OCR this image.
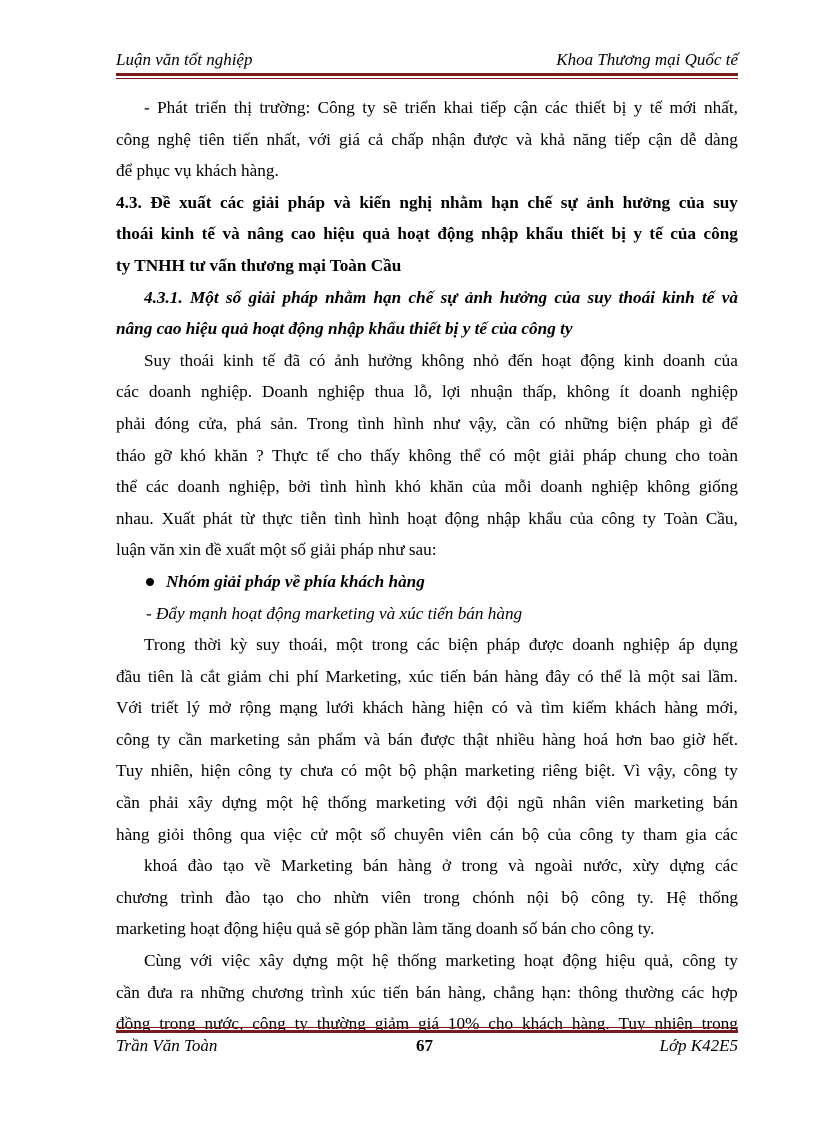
Luận văn tốt nghiệp	Khoa Thương mại Quốc tế
- Phát triển thị trường: Công ty sẽ triển khai tiếp cận các thiết bị y tế mới nhất,
công nghệ tiên tiến nhất, với giá cả chấp nhận được và khả năng tiếp cận dễ dàng
để phục vụ khách hàng.
4.3. Đề xuất các giải pháp và kiến nghị nhằm hạn chế sự ảnh hưởng của suy
thoái kinh tế và nâng cao hiệu quả hoạt động nhập khẩu thiết bị y tế của công
ty TNHH tư vấn thương mại Toàn Cầu
4.3.1. Một số giải pháp nhằm hạn chế sự ảnh hưởng của suy thoái kinh tế và
nâng cao hiệu quả hoạt động nhập khẩu thiết bị y tế của công ty
Suy thoái kinh tế đã có ảnh hưởng không nhỏ đến hoạt động kinh doanh của
các doanh nghiệp. Doanh nghiệp thua lỗ, lợi nhuận thấp, không ít doanh nghiệp
phải đóng cửa, phá sản. Trong tình hình như vậy, cần có những biện pháp gì để
tháo gỡ khó khăn ? Thực tế cho thấy không thể có một giải pháp chung cho toàn
thể các doanh nghiệp, bởi tình hình khó khăn của mỗi doanh nghiệp không giống
nhau. Xuất phát từ thực tiễn tình hình hoạt động nhập khẩu của công ty Toàn Cầu,
luận văn xin đề xuất một số giải pháp như sau:
Nhóm giải pháp về phía khách hàng
- Đẩy mạnh hoạt động marketing và xúc tiến bán hàng
Trong thời kỳ suy thoái, một trong các biện pháp được doanh nghiệp áp dụng
đầu tiên là cắt giảm chi phí Marketing, xúc tiến bán hàng đây có thể là một sai lầm.
Với triết lý mở rộng mạng lưới khách hàng hiện có và tìm kiếm khách hàng mới,
công ty cần marketing sản phẩm và bán được thật nhiều hàng hoá hơn bao giờ hết.
Tuy nhiên, hiện công ty chưa có một bộ phận marketing riêng biệt. Vì vậy, công ty
cần phải xây dựng một hệ thống marketing với đội ngũ nhân viên marketing bán
hàng giỏi thông qua việc cử một số chuyên viên cán bộ của công ty tham gia các
khoá đào tạo về Marketing bán hàng ở trong và ngoài nước, xừy dựng các
chương trình đào tạo cho nhừn viên trong chónh nội bộ công ty. Hệ thống
marketing hoạt động hiệu quả sẽ góp phần làm tăng doanh số bán cho công ty.
Cùng với việc xây dựng một hệ thống marketing hoạt động hiệu quả, công ty
cần đưa ra những chương trình xúc tiến bán hàng, chẳng hạn: thông thường các hợp
đồng trong nước, công ty thường giảm giá 10% cho khách hàng. Tuy nhiên trong
Trần Văn Toàn	67	Lớp K42E5
